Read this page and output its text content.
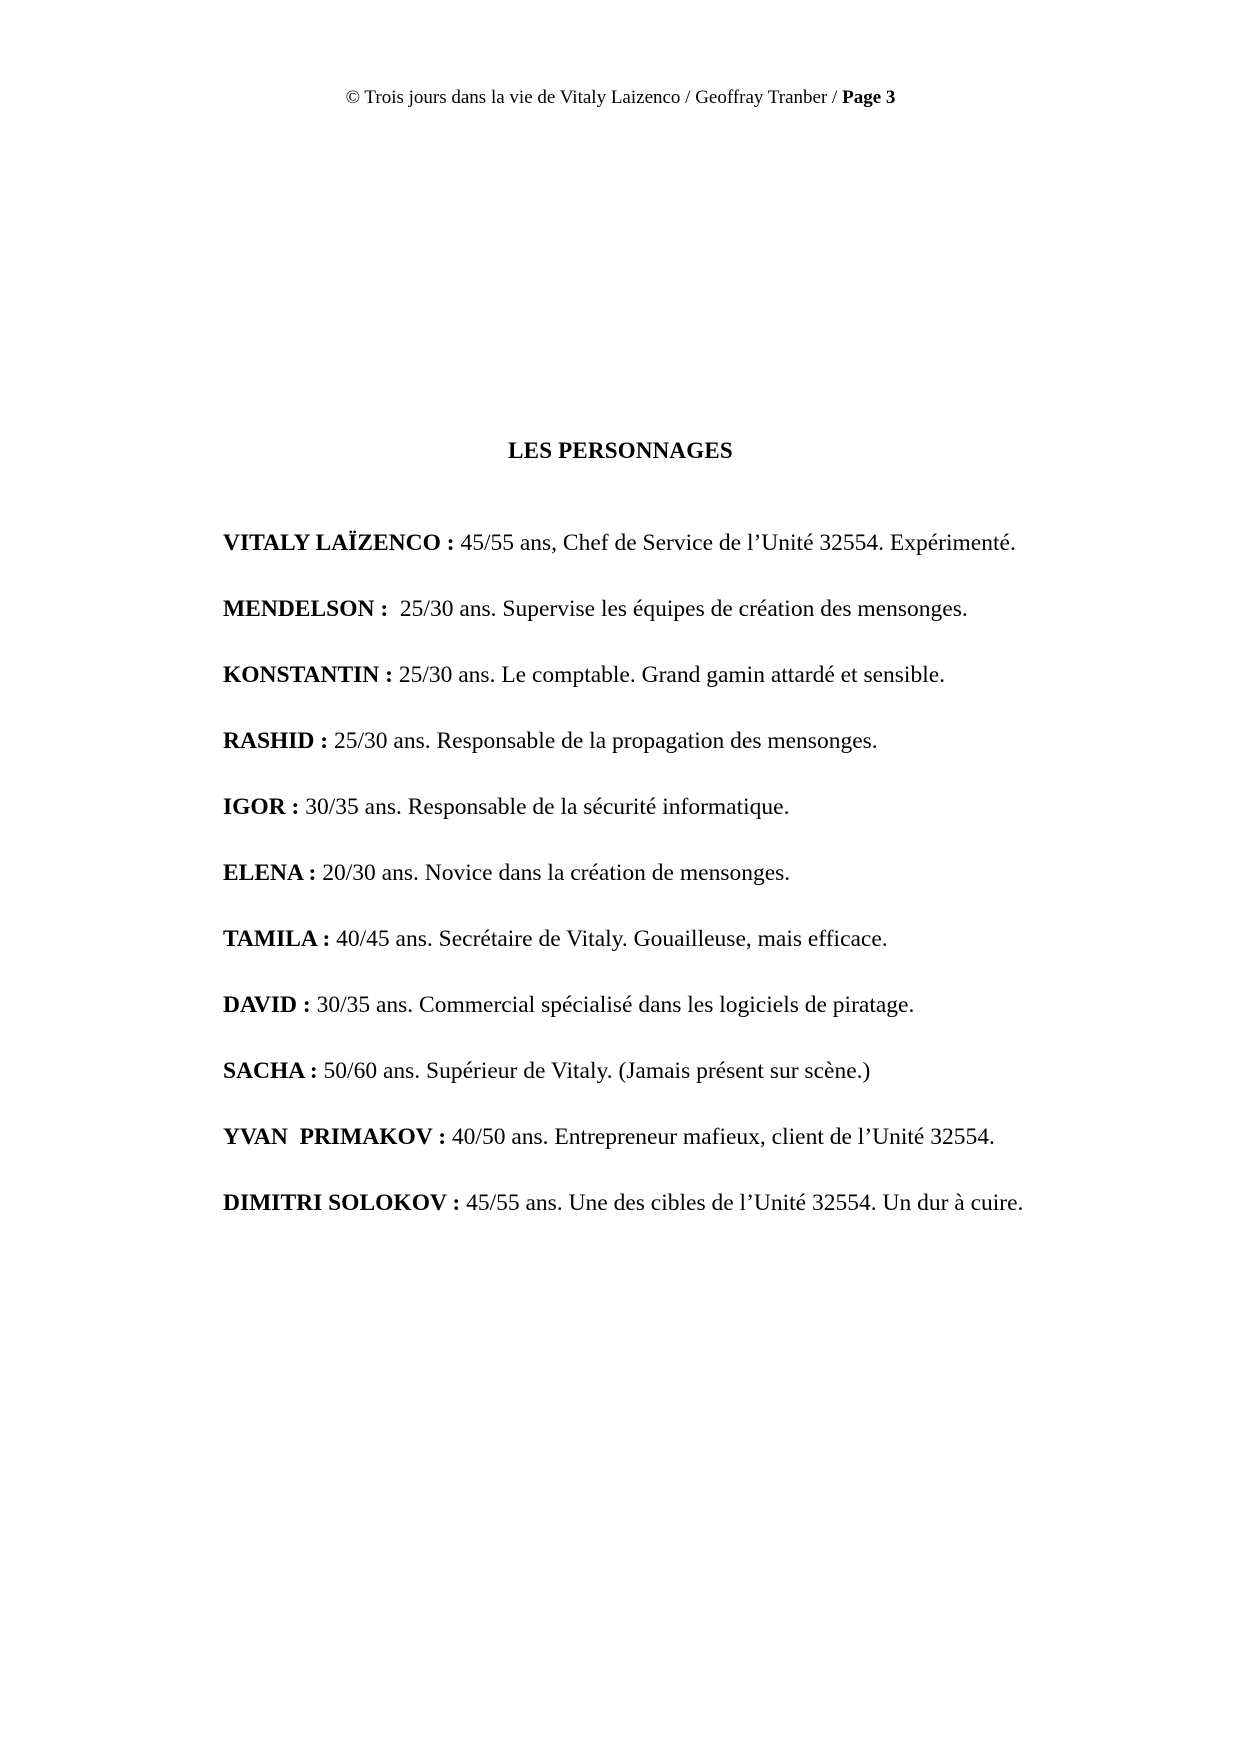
© Trois jours dans la vie de Vitaly Laizenco / Geoffray Tranber / Page 3
LES PERSONNAGES
VITALY LAÏZENCO : 45/55 ans, Chef de Service de l’Unité 32554. Expérimenté.
MENDELSON :  25/30 ans. Supervise les équipes de création des mensonges.
KONSTANTIN : 25/30 ans. Le comptable. Grand gamin attardé et sensible.
RASHID : 25/30 ans. Responsable de la propagation des mensonges.
IGOR : 30/35 ans. Responsable de la sécurité informatique.
ELENA : 20/30 ans. Novice dans la création de mensonges.
TAMILA : 40/45 ans. Secrétaire de Vitaly. Gouailleuse, mais efficace.
DAVID : 30/35 ans. Commercial spécialisé dans les logiciels de piratage.
SACHA : 50/60 ans. Supérieur de Vitaly. (Jamais présent sur scène.)
YVAN  PRIMAKOV : 40/50 ans. Entrepreneur mafieux, client de l’Unité 32554.
DIMITRI SOLOKOV : 45/55 ans. Une des cibles de l’Unité 32554. Un dur à cuire.
